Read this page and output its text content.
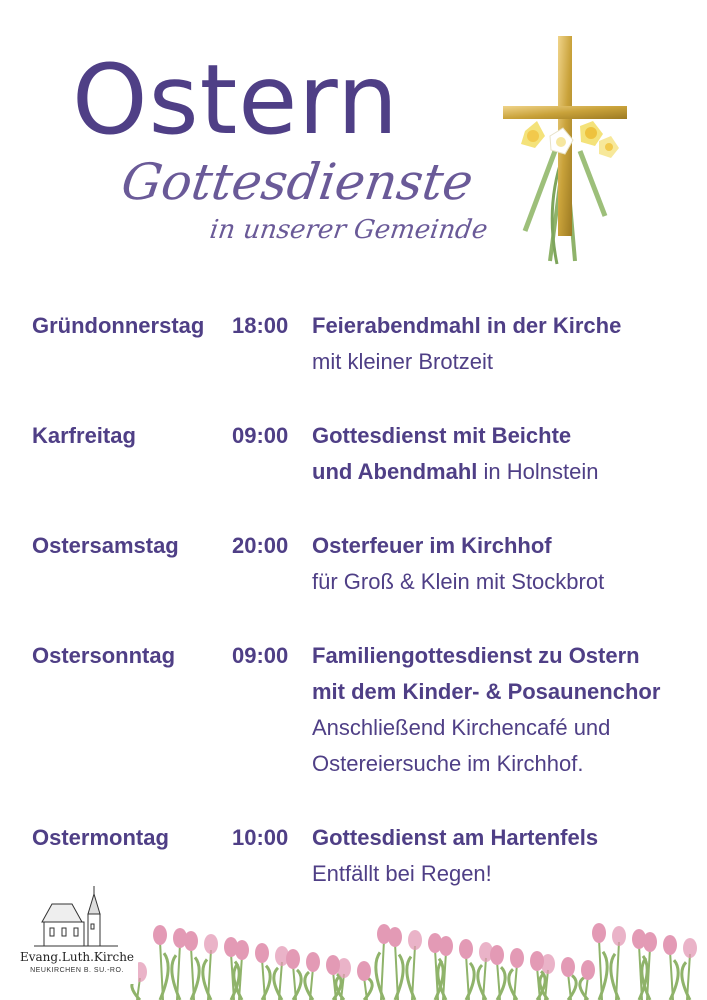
Ostern
Gottesdienste
in unserer Gemeinde
Gründonnerstag	18:00	Feierabendmahl in der Kirche
mit kleiner Brotzeit
Karfreitag	09:00	Gottesdienst mit Beichte
und Abendmahl in Holnstein
Ostersamstag	20:00	Osterfeuer im Kirchhof
für Groß & Klein mit Stockbrot
Ostersonntag	09:00	Familiengottesdienst zu Ostern
mit dem Kinder- & Posaunenchor
Anschließend Kirchencafé und
Ostereiersuche im Kirchhof.
Ostermontag	10:00	Gottesdienst am Hartenfels
Entfällt bei Regen!
Evang.Luth.Kirche
NEUKIRCHEN B. SU.-RO.
